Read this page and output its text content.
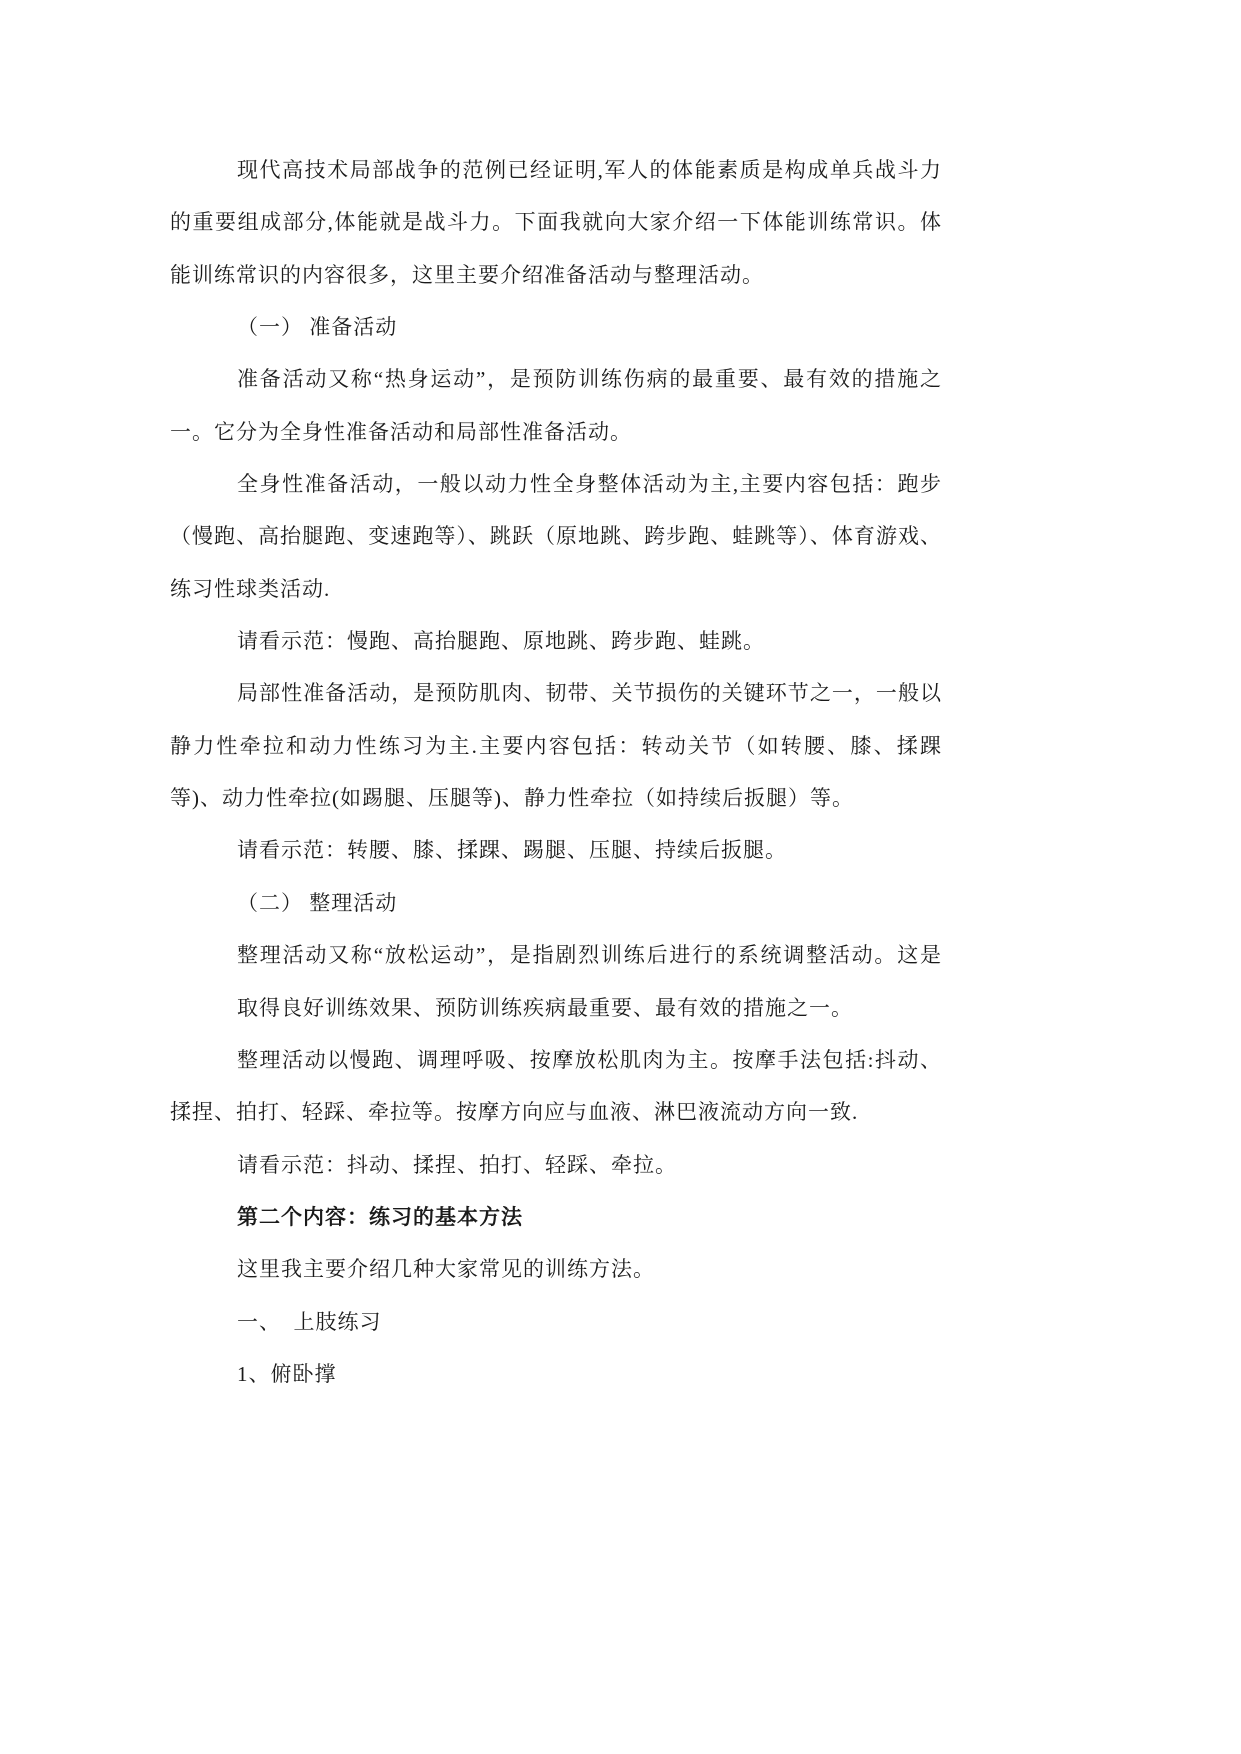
现代高技术局部战争的范例已经证明,军人的体能素质是构成单兵战斗力
的重要组成部分,体能就是战斗力。下面我就向大家介绍一下体能训练常识。体
能训练常识的内容很多，这里主要介绍准备活动与整理活动。
（一） 准备活动
准备活动又称“热身运动”，是预防训练伤病的最重要、最有效的措施之
一。它分为全身性准备活动和局部性准备活动。
全身性准备活动，一般以动力性全身整体活动为主,主要内容包括：跑步
（慢跑、高抬腿跑、变速跑等）、跳跃（原地跳、跨步跑、蛙跳等）、体育游戏、
练习性球类活动.
请看示范：慢跑、高抬腿跑、原地跳、跨步跑、蛙跳。
局部性准备活动，是预防肌肉、韧带、关节损伤的关键环节之一，一般以
静力性牵拉和动力性练习为主.主要内容包括：转动关节（如转腰、膝、揉踝
等)、动力性牵拉(如踢腿、压腿等)、静力性牵拉（如持续后扳腿）等。
请看示范：转腰、膝、揉踝、踢腿、压腿、持续后扳腿。
（二） 整理活动
整理活动又称“放松运动”，是指剧烈训练后进行的系统调整活动。这是
取得良好训练效果、预防训练疾病最重要、最有效的措施之一。
整理活动以慢跑、调理呼吸、按摩放松肌肉为主。按摩手法包括:抖动、
揉捏、拍打、轻踩、牵拉等。按摩方向应与血液、淋巴液流动方向一致.
请看示范：抖动、揉捏、拍打、轻踩、牵拉。
第二个内容：练习的基本方法
这里我主要介绍几种大家常见的训练方法。
一、  上肢练习
1、俯卧撑
